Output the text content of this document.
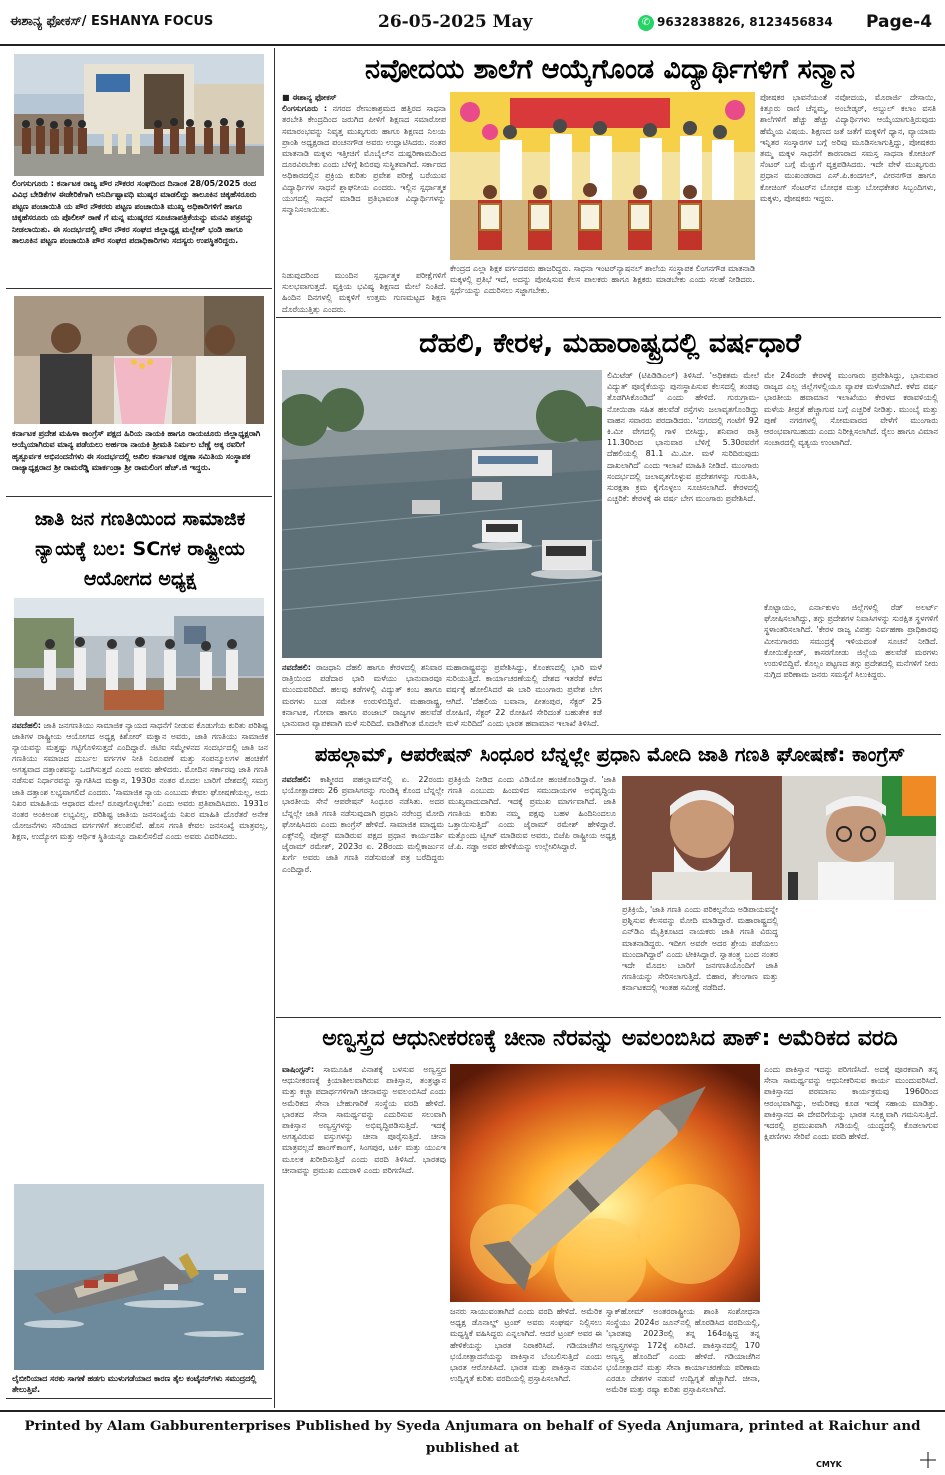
ಈಶಾನ್ಯ ಫೋಕಸ್/ ESHANYA FOCUS	26-05-2025 May	✆ 9632838826, 8123456834 Page-4
ಲಿಂಗಸುಗೂರು : ಕರ್ನಾಟಕ ರಾಜ್ಯ ಪೌರ ನೌಕರರ ಸಂಘದಿಂದ ದಿನಾಂಕ 28/05/2025 ರಂದ ವಿವಿಧ ಬೇಡಿಕೆಗಳ ಈಡೇರಿಕೆಗಾಗಿ ಅನಿರ್ದಿಷ್ಟಾವಧಿ ಮುಷ್ಕರ ಮಾಡಲಿದ್ದು ತಾಲೂಕಿನ ಚಿಕ್ಕಹೆಸರೂರು ಪಟ್ಟಣ ಪಂಚಾಯಿತಿ ಯ ಪೌರ ನೌಕರರು ಪಟ್ಟಣ ಪಂಚಾಯಿತಿ ಮುಖ್ಯ ಅಧಿಕಾರಿಗಳಿಗೆ ಹಾಗೂ ಚಿಕ್ಕಹೆಸರೂರು ಯ ಪೊಲೀಸ್ ಠಾಣೆ ಗೆ ಮನ್ನ ಮುಷ್ಕರದ ಸೂಚನಾಪತ್ರಿಕೆಯನ್ನು ಮನವಿ ಪತ್ರವನ್ನು ನೀಡಲಾಯಿತು. ಈ ಸಂದರ್ಭದಲ್ಲಿ ಪೌರ ನೌಕರ ಸಂಘದ ಜಿಲ್ಲಾಧ್ಯಕ್ಷ ಮಲ್ಲೇಶ್ ಭಂಡಿ ಹಾಗೂ ತಾಲೂಕಿನ ಪಟ್ಟಣ ಪಂಚಾಯಿತಿ ಪೌರ ಸಂಘದ ಪದಾಧಿಕಾರಿಗಳು ಸದಸ್ಯರು ಉಪಸ್ಥಿತರಿದ್ದರು.
ಕರ್ನಾಟಕ ಪ್ರದೇಶ ಮಹಿಳಾ ಕಾಂಗ್ರೆಸ್ ಪಕ್ಷದ ಹಿರಿಯ ನಾಯಕಿ ಹಾಗೂ ರಾಯಚೂರು ಜಿಲ್ಲಾಧ್ಯಕ್ಷರಾಗಿ ಆಯ್ಕೆಯಾಗಿರುವ ಮಾನ್ಯ ಪಡೆಯಲು ಅರ್ಹರಾ ನಾಯಕಿ ಶ್ರೀಮತಿ ನಿರ್ಮಲ ಬೆಣ್ಣೆ ಅಕ್ಕ ರವರಿಗೆ ಹೃತ್ಪೂರ್ವಕ ಅಭಿನಂದನೆಗಳು ಈ ಸಂದರ್ಭದಲ್ಲಿ ಅಖಿಲ ಕರ್ನಾಟಕ ರಕ್ಷಣಾ ಸಮಿತಿಯ ಸಂಸ್ಥಾಪಕ ರಾಜ್ಯಾಧ್ಯಕ್ಷರಾದ ಶ್ರೀ ರಾಮರೆಡ್ಡಿ ಮಾರ್ಕಂಡ್ರಾ ಶ್ರೀ ರಾಮಲಿಂಗ ಹೆಚ್.ಜಿ ಇದ್ದರು.
ಜಾತಿ ಜನ ಗಣತಿಯಿಂದ ಸಾಮಾಜಿಕ ನ್ಯಾಯಕ್ಕೆ ಬಲ: SCಗಳ ರಾಷ್ಟ್ರೀಯ ಆಯೋಗದ ಅಧ್ಯಕ್ಷ
ನವದೆಹಲಿ: ಜಾತಿ ಜನಗಣತಿಯು ಸಾಮಾಜಿಕ ನ್ಯಾಯದ ಸಾಧನೆಗೆ ನೀಡುವ ಕೊಡುಗೆಯ ಕುರಿತು ಪರಿಶಿಷ್ಟ ಜಾತಿಗಳ ರಾಷ್ಟ್ರೀಯ ಆಯೋಗದ ಅಧ್ಯಕ್ಷ ಕಿಶೋರ್ ಮಕ್ವಾನ ಅವರು, ಜಾತಿ ಗಣತಿಯು ಸಾಮಾಜಿಕ ನ್ಯಾಯವನ್ನು ಮತ್ತಷ್ಟು ಗಟ್ಟಿಗೊಳಿಸುತ್ತದೆ ಎಂದಿದ್ದಾರೆ. ಜಿಟಿಐ ಸಮ್ಮೇಳನದ ಸಂದರ್ಭದಲ್ಲಿ ಜಾತಿ ಜನ ಗಣತಿಯು ಸಮಾಜದ ದುರ್ಬಲ ವರ್ಗಗಳ ನೀತಿ ನಿರೂಪಣೆ ಮತ್ತು ಸಂಪನ್ಮೂಲಗಳ ಹಂಚಿಕೆಗೆ ಅಗತ್ಯವಾದ ದತ್ತಾಂಶವನ್ನು ಒದಗಿಸುತ್ತದೆ ಎಂದು ಅವರು ಹೇಳಿದರು. ಮೋದಿನ ಸರ್ಕಾರವು ಜಾತಿ ಗಣತಿ ನಡೆಸುವ ನಿರ್ಧಾರವನ್ನು ಸ್ವಾಗತಿಸಿದ ಮಕ್ವಾನ, 1930ರ ನಂತರ ಮೊದಲ ಬಾರಿಗೆ ದೇಶದಲ್ಲಿ ಸಮಗ್ರ ಜಾತಿ ದತ್ತಾಂಶ ಲಭ್ಯವಾಗಲಿದೆ ಎಂದರು. 'ಸಾಮಾಜಿಕ ನ್ಯಾಯ ಎಂಬುದು ಕೇವಲ ಘೋಷಣೆಯಲ್ಲ, ಅದು ನಿಖರ ಮಾಹಿತಿಯ ಆಧಾರದ ಮೇಲೆ ರೂಪುಗೊಳ್ಳಬೇಕು' ಎಂದು ಅವರು ಪ್ರತಿಪಾದಿಸಿದರು. 1931ರ ನಂತರ ಅಂಕಿಅಂಶ ಲಭ್ಯವಿಲ್ಲ, ಪರಿಶಿಷ್ಟ ಜಾತಿಯ ಜನಸಂಖ್ಯೆಯ ನಿಖರ ಮಾಹಿತಿ ದೊರೆತರೆ ಅನೇಕ ಯೋಜನೆಗಳು ಸರಿಯಾದ ವರ್ಗಗಳಿಗೆ ತಲುಪಲಿವೆ. ಹೊಸ ಗಣತಿ ಕೇವಲ ಜನಸಂಖ್ಯೆ ಮಾತ್ರವಲ್ಲ, ಶಿಕ್ಷಣ, ಉದ್ಯೋಗ ಮತ್ತು ಆರ್ಥಿಕ ಸ್ಥಿತಿಯನ್ನೂ ದಾಖಲಿಸಲಿದೆ ಎಂದು ಅವರು ವಿವರಿಸಿದರು.
ಲೈಬೀರಿಯಾದ ಸರಕು ಸಾಗಣೆ ಹಡಗು ಮುಳುಗಡೆಯಾದ ಕಾರಣ ತೈಲ ಕಂಟೈನರ್‌ಗಳು ಸಮುದ್ರದಲ್ಲಿ ತೇಲುತ್ತಿವೆ.
ನವೋದಯ ಶಾಲೆಗೆ ಆಯ್ಕೆಗೊಂಡ ವಿದ್ಯಾರ್ಥಿಗಳಿಗೆ ಸನ್ಮಾನ
■ ಈಶಾನ್ಯ ಫೋಕಸ್
ಲಿಂಗಸುಗೂರು : ನಗರದ ರೇಣುಕಾಶ್ರಮದ ಹತ್ತಿರದ ಸಾಧನಾ ತರಬೇತಿ ಕೇಂದ್ರದಿಂದ ಜರುಗಿದ ಪೀಳಿಗೆ ಶಿಕ್ಷಣದ ಸಮಾರೋಪ ಸಮಾರಂಭವನ್ನು ನಿವೃತ್ತ ಮುಖ್ಯಗುರು ಹಾಗೂ ಶಿಕ್ಷಣದ ನಿಲಯ ಪ್ರಾಂಶಿ ಅಧ್ಯಕ್ಷರಾದ ಪಂಚನಗೌಡ ಅವರು ಉದ್ಘಾಟಿಸಿದರು. ನಂತರ ಮಾತನಾಡಿ ಮಕ್ಕಳು ಇತ್ತೀಚಿಗೆ ಮೊಬೈಲ್‌ನ ದುಷ್ಪರಿಣಾಮದಿಂದ ದೂರವಿರಬೇಕು ಎಂದು ಬೆಳಿಗ್ಗೆ ಶಿಬಿರವು ಸುಸ್ಥಿತವಾಗಿದೆ. ಸರ್ಕಾರದ ಅಧಿಕಾರದಲ್ಲಿನ ಪ್ರಕ್ರಿಯ ಕುರಿತು ಪ್ರವೇಶ ಪರೀಕ್ಷೆ ಬರೆಯುವ ವಿದ್ಯಾರ್ಥಿಗಳ ಸಾಧನೆ ಶ್ಲಾಘನೀಯ ಎಂದರು. ಇಲ್ಲಿನ ಸ್ಪರ್ಧಾತ್ಮಕ ಯುಗದಲ್ಲಿ ಸಾಧನೆ ಮಾಡಿದ ಪ್ರತಿಭಾವಂತ ವಿದ್ಯಾರ್ಥಿಗಳನ್ನು ಸನ್ಮಾನಿಸಲಾಯಿತು.
ಕೇಂದ್ರದ ಎಲ್ಲಾ ಶಿಕ್ಷಕ ವರ್ಗದವರು ಹಾಜರಿದ್ದರು. ಸಾಧನಾ ಇಂಟರ್‌ನ್ಯಾಷನಲ್ ಶಾಲೆಯ ಸಂಸ್ಥಾಪಕ ಲಿಂಗನಗೌಡ ಮಾತನಾಡಿ ಮಕ್ಕಳಲ್ಲಿ ಪ್ರತಿಭೆ ಇದೆ, ಅದನ್ನು ಪೋಷಿಸುವ ಕೆಲಸ ಪಾಲಕರು ಹಾಗೂ ಶಿಕ್ಷಕರು ಮಾಡಬೇಕು ಎಂದು ಸಲಹೆ ನೀಡಿದರು. ಸ್ಪರ್ಧೆಯನ್ನು ಎದುರಿಸಲು ಸಜ್ಜಾಗಬೇಕು.
ಪೋಷಕರ ಭಾವನೆಯಂತೆ ನವೋದಯ, ಮೊರಾರ್ಜಿ ದೇಸಾಯಿ, ಕಿತ್ತೂರು ರಾಣಿ ಚೆನ್ನಮ್ಮ, ಅಂಬೇಡ್ಕರ್, ಅಬ್ದುಲ್ ಕಲಾಂ ವಸತಿ ಶಾಲೆಗಳಿಗೆ ಹೆಚ್ಚು ಹೆಚ್ಚು ವಿದ್ಯಾರ್ಥಿಗಳು ಆಯ್ಕೆಯಾಗುತ್ತಿರುವುದು ಹೆಮ್ಮೆಯ ವಿಷಯ. ಶಿಕ್ಷಣದ ಜತೆ ಜತೆಗೆ ಮಕ್ಕಳಿಗೆ ಧ್ಯಾನ, ವ್ಯಾಯಾಮ ಇನ್ನಿತರ ಸಂಸ್ಕಾರಗಳ ಬಗ್ಗೆ ಅರಿವು ಮೂಡಿಸಲಾಗುತ್ತಿದ್ದು, ಪೋಷಕರು ತಮ್ಮ ಮಕ್ಕಳ ಸಾಧನೆಗೆ ಕಾರಣರಾದ ಸಮಸ್ತ ಸಾಧನಾ ಕೋಚಿಂಗ್ ಸೆಂಟರ್ ಬಗ್ಗೆ ಮೆಚ್ಚುಗೆ ವ್ಯಕ್ತಪಡಿಸಿದರು. ಇದೇ ವೇಳೆ ಮುಖ್ಯಗುರು ಪ್ರಧಾನ ಮುಖಂಡರಾದ ಎಸ್.ಪಿ.ಕಂದಗಲ್, ವೀರನಗೌಡ ಹಾಗೂ ಕೋಚಿಂಗ್ ಸೆಂಟರ್‌ನ ಬೋಧಕ ಮತ್ತು ಬೋಧಕೇತರ ಸಿಬ್ಬಂದಿಗಳು, ಮಕ್ಕಳು, ಪೋಷಕರು ಇದ್ದರು.
ನಿಡುವುದರಿಂದ ಮುಂದಿನ ಸ್ಪರ್ಧಾತ್ಮಕ ಪರೀಕ್ಷೆಗಳಿಗೆ ಸುಲಭವಾಗುತ್ತದೆ. ವ್ಯಕ್ತಿಯ ಭವಿಷ್ಯ ಶಿಕ್ಷಣದ ಮೇಲೆ ನಿಂತಿದೆ. ಹಿಂದಿನ ದಿನಗಳಲ್ಲಿ ಮಕ್ಕಳಿಗೆ ಉತ್ತಮ ಗುಣಮಟ್ಟದ ಶಿಕ್ಷಣ ದೊರೆಯುತ್ತಿತ್ತು ಎಂದರು.
ದೆಹಲಿ, ಕೇರಳ, ಮಹಾರಾಷ್ಟ್ರದಲ್ಲಿ ವರ್ಷಧಾರೆ
ನವದೆಹಲಿ: ರಾಜಧಾನಿ ದೆಹಲಿ ಹಾಗೂ ಕೇರಳದಲ್ಲಿ ಶನಿವಾರ ರಾತ್ರಿಯಿಂದ ಪಡೆದಾರ ಭಾರಿ ಮಳೆಯು ಭಾನುವಾರವೂ ಮುಂದುವರಿದಿದೆ. ಹಲವು ಕಡೆಗಳಲ್ಲಿ ವಿದ್ಯುತ್ ಕಂಬ ಹಾಗೂ ಮರಗಳು ಬುಡ ಸಮೇತ ಉರುಳಿಬಿದ್ದಿವೆ. ಮಹಾರಾಷ್ಟ್ರ, ಕರ್ನಾಟಕ, ಗೋವಾ ಹಾಗೂ ಪಂಜಾಬ್ ರಾಜ್ಯಗಳ ಹಲವೆಡೆ ಭಾನುವಾರ ವ್ಯಾಪಕವಾಗಿ ಮಳೆ ಸುರಿದಿದೆ. ವಾಡಿಕೆಗಿಂತ ಮೊದಲೇ
ಮಹಾರಾಷ್ಟ್ರವನ್ನು ಪ್ರವೇಶಿಸಿದ್ದು, ಕೊಂಕಣದಲ್ಲಿ ಭಾರಿ ಮಳೆ ಸುರಿಯುತ್ತಿದೆ. ಕಾರ್ಯಾಚರಣೆಯಲ್ಲಿ ದೇಶದ ಇತರೆಡೆ ಕಳೆದ ವರ್ಷಕ್ಕೆ ಹೋಲಿಸಿದರೆ ಈ ಬಾರಿ ಮುಂಗಾರು ಪ್ರವೇಶ ಬೇಗ ಆಗಿದೆ. 'ದೆಹಲಿಯ ಬವಾನಾ, ಪೀತಂಪುರ, ಸೆಕ್ಟರ್ 25 ರೋಹಿಣಿ, ಸೆಕ್ಟರ್ 22 ರೋಹಿಣಿ ಸೇರಿದಂತೆ ಬಹುತೇಕ ಕಡೆ ಮಳೆ ಸುರಿದಿದೆ' ಎಂದು ಭಾರತ ಹವಾಮಾನ ಇಲಾಖೆ ತಿಳಿಸಿದೆ.
ಲಿಮಿಟೆಡ್ (ಟಿಪಿಡಿಡಿಎಲ್) ತಿಳಿಸಿದೆ. 'ಅಧಿಕತಮ ಮೇಲೆ ವಿದ್ಯುತ್ ಪೂರೈಕೆಯನ್ನು ಪುನಃಸ್ಥಾಪಿಸುವ ಕೆಲಸದಲ್ಲಿ ತಂಡವು ತೊಡಗಿಸಿಕೊಂಡಿದೆ' ಎಂದು ಹೇಳಿದೆ. ಗುರುಗ್ರಾಮ-ನೋಯಿಡಾ ಸಹಿತ ಹಲವೆಡೆ ರಸ್ತೆಗಳು ಜಲಾವೃತಗೊಂಡಿದ್ದು ವಾಹನ ಸವಾರರು ಪರದಾಡಿದರು. 'ನಗರದಲ್ಲಿ ಗಂಟೆಗೆ 92 ಕಿ.ಮೀ ವೇಗದಲ್ಲಿ ಗಾಳಿ ಬೀಸಿದ್ದು, ಶನಿವಾರ ರಾತ್ರಿ 11.30ರಿಂದ ಭಾನುವಾರ ಬೆಳಿಗ್ಗೆ 5.30ರವರೆಗೆ ದೆಹಲಿಯಲ್ಲಿ 81.1 ಮಿ.ಮೀ. ಮಳೆ ಸುರಿದಿರುವುದು ದಾಖಲಾಗಿದೆ' ಎಂದು ಇಲಾಖೆ ಮಾಹಿತಿ ನೀಡಿದೆ. ಮುಂಗಾರು ಸಂದರ್ಭದಲ್ಲಿ ಜಲಾವೃತಗೊಳ್ಳುವ ಪ್ರದೇಶಗಳನ್ನು ಗುರುತಿಸಿ, ಸುರಕ್ಷತಾ ಕ್ರಮ ಕೈಗೊಳ್ಳಲು ಸೂಚಿಸಲಾಗಿದೆ. ಕೇರಳದಲ್ಲಿ ಎಚ್ಚರಿಕೆ: ಕೇರಳಕ್ಕೆ ಈ ವರ್ಷ ಬೇಗ ಮುಂಗಾರು ಪ್ರವೇಶಿಸಿದೆ.
ಮೇ 24ರಂದೇ ಕೇರಳಕ್ಕೆ ಮುಂಗಾರು ಪ್ರವೇಶಿಸಿದ್ದು, ಭಾನುವಾರ ರಾಜ್ಯದ ಎಲ್ಲ ಜಿಲ್ಲೆಗಳಲ್ಲಿಯೂ ವ್ಯಾಪಕ ಮಳೆಯಾಗಿದೆ. ಕಳೆದ ವರ್ಷ ಭಾರತೀಯ ಹವಾಮಾನ ಇಲಾಖೆಯು ಕೇರಳದ ಕರಾವಳಿಯಲ್ಲಿ ಮಳೆಯ ತೀವ್ರತೆ ಹೆಚ್ಚಾಗುವ ಬಗ್ಗೆ ಎಚ್ಚರಿಕೆ ನೀಡಿತ್ತು. ಮುಂಬೈ ಮತ್ತು ಪುಣೆ ನಗರಗಳಲ್ಲಿ ಸೋಮವಾರದ ವೇಳೆಗೆ ಮುಂಗಾರು ಆರಂಭವಾಗಬಹುದು ಎಂದು ನಿರೀಕ್ಷಿಸಲಾಗಿದೆ. ರೈಲು ಹಾಗೂ ವಿಮಾನ ಸಂಚಾರದಲ್ಲಿ ವ್ಯತ್ಯಯ ಉಂಟಾಗಿದೆ.
ಕೊಟ್ಟಾಯಂ, ಎರ್ನಾಕುಳಂ ಜಿಲ್ಲೆಗಳಲ್ಲಿ ರೆಡ್ ಅಲರ್ಟ್ ಘೋಷಿಸಲಾಗಿದ್ದು, ತಗ್ಗು ಪ್ರದೇಶಗಳ ನಿವಾಸಿಗಳನ್ನು ಸುರಕ್ಷಿತ ಸ್ಥಳಗಳಿಗೆ ಸ್ಥಳಾಂತರಿಸಲಾಗಿದೆ. 'ಕೇರಳ ರಾಜ್ಯ ವಿಪತ್ತು ನಿರ್ವಹಣಾ ಪ್ರಾಧಿಕಾರವು ಮೀನುಗಾರರು ಸಮುದ್ರಕ್ಕೆ ಇಳಿಯದಂತೆ ಸೂಚನೆ ನೀಡಿದೆ. ಕೋಯಿಕ್ಕೋಡ್, ಕಾಸರಗೋಡು ಜಿಲ್ಲೆಯ ಹಲವೆಡೆ ಮರಗಳು ಉರುಳಿಬಿದ್ದಿವೆ. ಕೊಲ್ಲಂ ಪಟ್ಟಣದ ತಗ್ಗು ಪ್ರದೇಶದಲ್ಲಿ ಮನೆಗಳಿಗೆ ನೀರು ನುಗ್ಗಿದ ಪರಿಣಾಮ ಜನರು ಸಮಸ್ಯೆಗೆ ಸಿಲುಕಿದ್ದರು.
ಪಹಲ್ಗಾಮ್, ಆಪರೇಷನ್ ಸಿಂಧೂರ ಬೆನ್ನಲ್ಲೇ ಪ್ರಧಾನಿ ಮೋದಿ ಜಾತಿ ಗಣತಿ ಘೋಷಣೆ: ಕಾಂಗ್ರೆಸ್
ನವದೆಹಲಿ: ಕಾಶ್ಮೀರದ ಪಹಲ್ಗಾಮ್‌ನಲ್ಲಿ ಏ. 22ರಂದು ಭಯೋತ್ಪಾದಕರು 26 ಪ್ರವಾಸಿಗರನ್ನು ಗುಂಡಿಕ್ಕಿ ಕೊಂದ ಬೆನ್ನಲ್ಲೇ ಭಾರತೀಯ ಸೇನೆ ಆಪರೇಷನ್ ಸಿಂಧೂರ ನಡೆಸಿತು. ಅದರ ಬೆನ್ನಲ್ಲೇ ಜಾತಿ ಗಣತಿ ನಡೆಸುವುದಾಗಿ ಪ್ರಧಾನಿ ನರೇಂದ್ರ ಮೋದಿ ಘೋಷಿಸಿದರು ಎಂದು ಕಾಂಗ್ರೆಸ್ ಹೇಳಿದೆ. ಸಾಮಾಜಿಕ ಮಾಧ್ಯಮ ಎಕ್ಸ್‌ನಲ್ಲಿ ಪೋಸ್ಟ್ ಮಾಡಿರುವ ಪಕ್ಷದ ಪ್ರಧಾನ ಕಾರ್ಯದರ್ಶಿ ಜೈರಾಮ್ ರಮೇಶ್, 2023ರ ಏ. 28ರಂದು ಮಲ್ಲಿಕಾರ್ಜುನ ಖರ್ಗೆ ಅವರು ಜಾತಿ ಗಣತಿ ನಡೆಸುವಂತೆ ಪತ್ರ ಬರೆದಿದ್ದರು ಎಂದಿದ್ದಾರೆ.
ಪ್ರತಿಕ್ರಿಯೆ ನೀಡಿದ ಎಂದು ವಿಡಿಯೋ ಹಂಚಿಕೊಂಡಿದ್ದಾರೆ. 'ಜಾತಿ ಗಣತಿ ಎಂಬುದು ಹಿಂದುಳಿದ ಸಮುದಾಯಗಳ ಅಭಿವೃದ್ಧಿಯ ಮುಖ್ಯವಾದುದಾಗಿದೆ. ಇದಕ್ಕೆ ಪ್ರಮುಖ ಮಾರ್ಗವಾಗಿದೆ. ಜಾತಿ ಗಣತಿಯ ಕುರಿತು ನಮ್ಮ ಪಕ್ಷವು ಬಹಳ ಹಿಂದಿನಿಂದಲೂ ಒತ್ತಾಯಿಸುತ್ತಿದೆ' ಎಂದು ಜೈರಾಮ್ ರಮೇಶ್ ಹೇಳಿದ್ದಾರೆ. ಮತ್ತೊಂದು ಟ್ವೀಟ್ ಮಾಡಿರುವ ಅವರು, ಬಿಜೆಪಿ ರಾಷ್ಟ್ರೀಯ ಅಧ್ಯಕ್ಷ ಜೆ.ಪಿ. ನಡ್ಡಾ ಅವರ ಹೇಳಿಕೆಯನ್ನು ಉಲ್ಲೇಖಿಸಿದ್ದಾರೆ.
ಪ್ರತಿಕ್ರಿಯೆ, 'ಜಾತಿ ಗಣತಿ ಎಂದು ಪರಿಕಲ್ಪನೆಯ ಅಡಿಪಾಯವನ್ನೇ ಪ್ರಶ್ನಿಸುವ ಕೆಲಸವನ್ನು ಮೋದಿ ಮಾಡಿದ್ದಾರೆ. ಮಹಾರಾಷ್ಟ್ರದಲ್ಲಿ ಎನ್‌ಡಿಎ ಮೈತ್ರಿಕೂಟದ ನಾಯಕರು ಜಾತಿ ಗಣತಿ ವಿರುದ್ಧ ಮಾತನಾಡಿದ್ದರು. ಇದೀಗ ಅವರೇ ಅದರ ಶ್ರೇಯ ಪಡೆಯಲು ಮುಂದಾಗಿದ್ದಾರೆ' ಎಂದು ಟೀಕಿಸಿದ್ದಾರೆ. ಸ್ವಾತಂತ್ರ್ಯ ಬಂದ ನಂತರ ಇದೇ ಮೊದಲ ಬಾರಿಗೆ ಜನಗಣತಿಯೊಂದಿಗೆ ಜಾತಿ ಗಣತಿಯನ್ನು ಸೇರಿಸಲಾಗುತ್ತಿದೆ. ಬಿಹಾರ, ತೆಲಂಗಾಣ ಮತ್ತು ಕರ್ನಾಟಕದಲ್ಲಿ ಇಂತಹ ಸಮೀಕ್ಷೆ ನಡೆದಿದೆ.
ಅಣ್ವಸ್ತ್ರದ ಆಧುನೀಕರಣಕ್ಕೆ ಚೀನಾ ನೆರವನ್ನು ಅವಲಂಬಿಸಿದ ಪಾಕ್: ಅಮೆರಿಕದ ವರದಿ
ವಾಷಿಂಗ್ಟನ್: ಸಾಮೂಹಿಕ ವಿನಾಶಕ್ಕೆ ಬಳಸುವ ಅಣ್ವಸ್ತ್ರದ ಆಧುನೀಕರಣಕ್ಕೆ ಕ್ರಿಯಾಶೀಲವಾಗಿರುವ ಪಾಕಿಸ್ತಾನ, ತಂತ್ರಜ್ಞಾನ ಮತ್ತು ಕಚ್ಚಾ ಪದಾರ್ಥಗಳಿಗಾಗಿ ಚೀನಾವನ್ನು ಅವಲಂಬಿಸಿದೆ ಎಂದು ಅಮೆರಿಕದ ಸೇನಾ ಬೇಹುಗಾರಿಕೆ ಸಂಸ್ಥೆಯ ವರದಿ ಹೇಳಿದೆ. ಭಾರತದ ಸೇನಾ ಸಾಮರ್ಥ್ಯವನ್ನು ಎದುರಿಸುವ ಸಲುವಾಗಿ ಪಾಕಿಸ್ತಾನ ಅಣ್ವಸ್ತ್ರಗಳನ್ನು ಅಭಿವೃದ್ಧಿಪಡಿಸುತ್ತಿದೆ. ಇದಕ್ಕೆ ಅಗತ್ಯವಿರುವ ವಸ್ತುಗಳನ್ನು ಚೀನಾ ಪೂರೈಸುತ್ತಿದೆ. ಚೀನಾ ಮಾತ್ರವಲ್ಲದೆ ಹಾಂಗ್‌ಕಾಂಗ್, ಸಿಂಗಪುರ, ಟರ್ಕಿ ಮತ್ತು ಯುಎಇ ಮೂಲಕ ಖರೀದಿಸುತ್ತಿದೆ ಎಂದು ವರದಿ ತಿಳಿಸಿದೆ. ಭಾರತವು ಚೀನಾವನ್ನು ಪ್ರಮುಖ ಎದುರಾಳಿ ಎಂದು ಪರಿಗಣಿಸಿದೆ.
ಜನರು ಸಾಯುವಂತಾಗಿದೆ ಎಂದು ವರದಿ ಹೇಳಿದೆ. ಅಮೆರಿಕ ಅಧ್ಯಕ್ಷ ಡೊನಾಲ್ಡ್ ಟ್ರಂಪ್ ಅವರು ಸಂಘರ್ಷ ನಿಲ್ಲಿಸಲು ಮಧ್ಯಸ್ಥಿಕೆ ವಹಿಸಿದ್ದರು ಎನ್ನಲಾಗಿದೆ. ಆದರೆ ಟ್ರಂಪ್ ಅವರ ಈ ಹೇಳಿಕೆಯನ್ನು ಭಾರತ ನಿರಾಕರಿಸಿದೆ. ಗಡಿಯಾಚೆಗಿನ ಭಯೋತ್ಪಾದನೆಯನ್ನು ಪಾಕಿಸ್ತಾನ ಬೆಂಬಲಿಸುತ್ತಿದೆ ಎಂದು ಭಾರತ ಆರೋಪಿಸಿದೆ. ಭಾರತ ಮತ್ತು ಪಾಕಿಸ್ತಾನ ನಡುವಿನ ಉದ್ವಿಗ್ನತೆ ಕುರಿತು ವರದಿಯಲ್ಲಿ ಪ್ರಸ್ತಾಪಿಸಲಾಗಿದೆ.
ಸ್ವಾಕ್‌ಹೋಮ್ ಅಂತರರಾಷ್ಟ್ರೀಯ ಶಾಂತಿ ಸಂಶೋಧನಾ ಸಂಸ್ಥೆಯು 2024ರ ಜೂನ್‌ನಲ್ಲಿ ಹೊರಡಿಸಿದ ವರದಿಯಲ್ಲಿ, 'ಭಾರತವು 2023ರಲ್ಲಿ ತನ್ನ 164ರಷ್ಟಿದ್ದ ತನ್ನ ಅಣ್ವಸ್ತ್ರಗಳನ್ನು 172ಕ್ಕೆ ಏರಿಸಿದೆ. ಪಾಕಿಸ್ತಾನದಲ್ಲಿ 170 ಅಣ್ವಸ್ತ್ರ ಹೊಂದಿದೆ' ಎಂದು ಹೇಳಿದೆ. ಗಡಿಯಾಚೆಗಿನ ಭಯೋತ್ಪಾದನೆ ಮತ್ತು ಸೇನಾ ಕಾರ್ಯಾಚರಣೆಯ ಪರಿಣಾಮ ಎರಡೂ ದೇಶಗಳ ನಡುವೆ ಉದ್ವಿಗ್ನತೆ ಹೆಚ್ಚಾಗಿದೆ. ಚೀನಾ, ಅಮೆರಿಕ ಮತ್ತು ರಷ್ಯಾ ಕುರಿತು ಪ್ರಸ್ತಾಪಿಸಲಾಗಿದೆ.
ಎಂದು ಪಾಕಿಸ್ತಾನ ಇದನ್ನು ಪರಿಗಣಿಸಿದೆ. ಅದಕ್ಕೆ ಪೂರಕವಾಗಿ ತನ್ನ ಸೇನಾ ಸಾಮರ್ಥ್ಯವನ್ನು ಆಧುನೀಕರಿಸುವ ಕಾರ್ಯ ಮುಂದುವರಿಸಿದೆ. ಪಾಕಿಸ್ತಾನದ ಪರಮಾಣು ಕಾರ್ಯಕ್ರಮವು 1960ರಿಂದ ಆರಂಭವಾಗಿದ್ದು, ಅಮೆರಿಕವು ಕೂಡ ಇದಕ್ಕೆ ಸಹಾಯ ಮಾಡಿತ್ತು. ಪಾಕಿಸ್ತಾನದ ಈ ದೇವರಿಗೆಯನ್ನು ಭಾರತ ಸೂಕ್ಷ್ಮವಾಗಿ ಗಮನಿಸುತ್ತಿದೆ. ಇದರಲ್ಲಿ ಪ್ರಮುಖವಾಗಿ ಗಡಿಯಲ್ಲಿ ಯುದ್ಧದಲ್ಲಿ ಕೊಡಲಾಗುವ ಕ್ಷಿಪಣಿಗಳು ಸೇರಿವೆ ಎಂದು ವರದಿ ಹೇಳಿದೆ.
Printed by Alam Gabburenterprises Published by Syeda Anjumara on behalf of Syeda Anjumara, printed at Raichur and published at
CMYK
